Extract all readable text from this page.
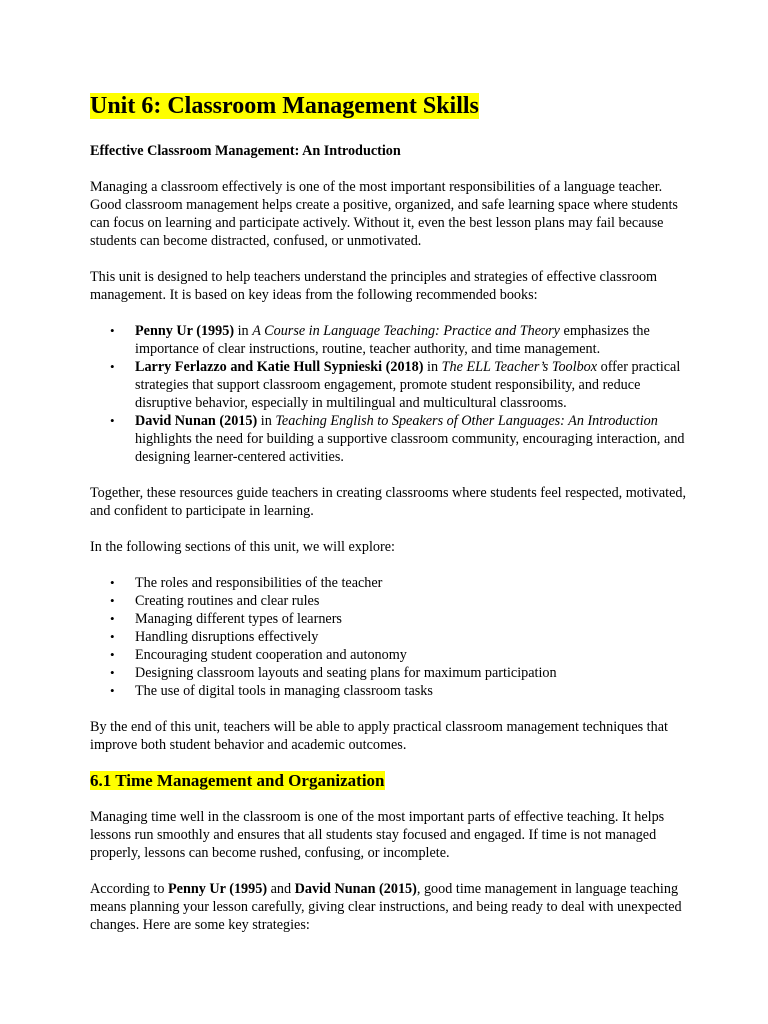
Unit 6: Classroom Management Skills

Effective Classroom Management: An Introduction

Managing a classroom effectively is one of the most important responsibilities of a language teacher. Good classroom management helps create a positive, organized, and safe learning space where students can focus on learning and participate actively. Without it, even the best lesson plans may fail because students can become distracted, confused, or unmotivated.

This unit is designed to help teachers understand the principles and strategies of effective classroom management. It is based on key ideas from the following recommended books:

• Penny Ur (1995) in A Course in Language Teaching: Practice and Theory emphasizes the importance of clear instructions, routine, teacher authority, and time management.
• Larry Ferlazzo and Katie Hull Sypnieski (2018) in The ELL Teacher’s Toolbox offer practical strategies that support classroom engagement, promote student responsibility, and reduce disruptive behavior, especially in multilingual and multicultural classrooms.
• David Nunan (2015) in Teaching English to Speakers of Other Languages: An Introduction highlights the need for building a supportive classroom community, encouraging interaction, and designing learner-centered activities.

Together, these resources guide teachers in creating classrooms where students feel respected, motivated, and confident to participate in learning.

In the following sections of this unit, we will explore:

• The roles and responsibilities of the teacher
• Creating routines and clear rules
• Managing different types of learners
• Handling disruptions effectively
• Encouraging student cooperation and autonomy
• Designing classroom layouts and seating plans for maximum participation
• The use of digital tools in managing classroom tasks

By the end of this unit, teachers will be able to apply practical classroom management techniques that improve both student behavior and academic outcomes.

6.1 Time Management and Organization

Managing time well in the classroom is one of the most important parts of effective teaching. It helps lessons run smoothly and ensures that all students stay focused and engaged. If time is not managed properly, lessons can become rushed, confusing, or incomplete.

According to Penny Ur (1995) and David Nunan (2015), good time management in language teaching means planning your lesson carefully, giving clear instructions, and being ready to deal with unexpected changes. Here are some key strategies:
